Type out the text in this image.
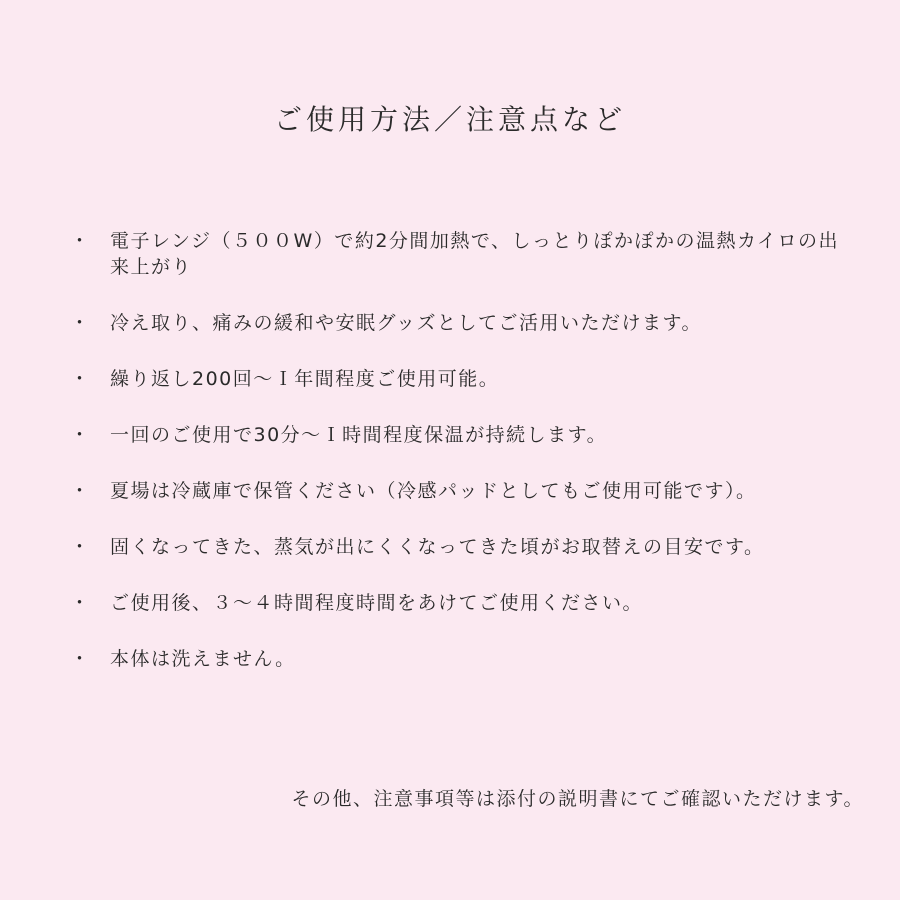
ご使用方法／注意点など
・ 電子レンジ（５００W）で約2分間加熱で、しっとりぽかぽかの温熱カイロの出来上がり
・ 冷え取り、痛みの緩和や安眠グッズとしてご活用いただけます。
・ 繰り返し200回～Ｉ年間程度ご使用可能。
・ 一回のご使用で30分～Ｉ時間程度保温が持続します。
・ 夏場は冷蔵庫で保管ください（冷感パッドとしてもご使用可能です）。
・ 固くなってきた、蒸気が出にくくなってきた頃がお取替えの目安です。
・ ご使用後、３～４時間程度時間をあけてご使用ください。
・ 本体は洗えません。

その他、注意事項等は添付の説明書にてご確認いただけます。
